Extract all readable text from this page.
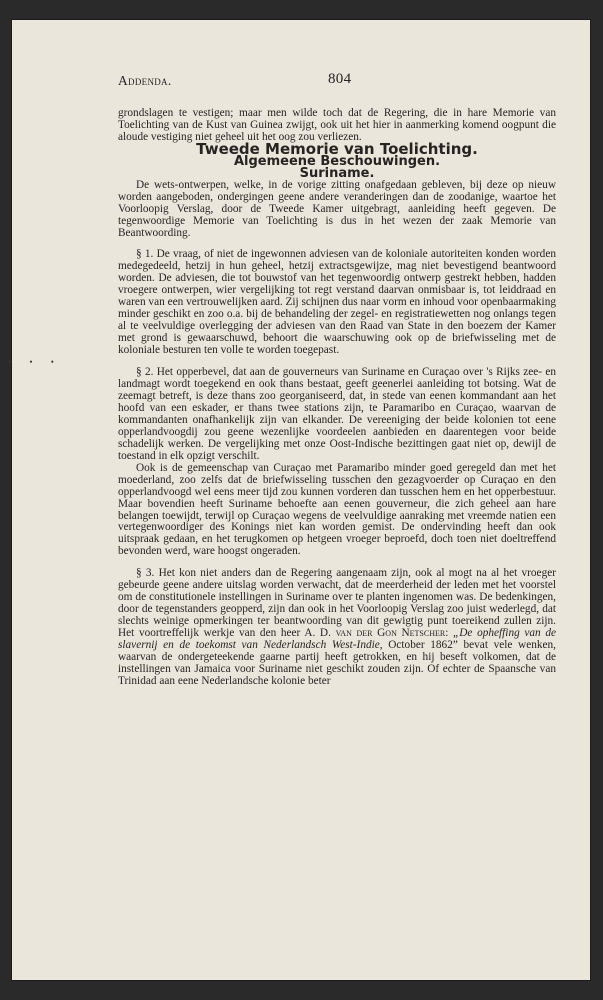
• • •
Addenda.	804

grondslagen te vestigen; maar men wilde toch dat de Regering, die in hare Memorie van Toelichting van de Kust van Guinea zwijgt, ook uit het hier in aanmerking komend oogpunt die aloude vestiging niet geheel uit het oog zou verliezen.

Tweede Memorie van Toelichting.

Algemeene Beschouwingen.

Suriname.

De wets-ontwerpen, welke, in de vorige zitting onafgedaan gebleven, bij deze op nieuw worden aangeboden, ondergingen geene andere veranderingen dan de zoodanige, waartoe het Voorloopig Verslag, door de Tweede Kamer uitgebragt, aanleiding heeft gegeven. De tegenwoordige Memorie van Toelichting is dus in het wezen der zaak Memorie van Beantwoording.

§ 1. De vraag, of niet de ingewonnen adviesen van de koloniale autoriteiten konden worden medegedeeld, hetzij in hun geheel, hetzij extractsgewijze, mag niet bevestigend beantwoord worden. De adviesen, die tot bouwstof van het tegenwoordig ontwerp gestrekt hebben, hadden vroegere ontwerpen, wier vergelijking tot regt verstand daarvan onmisbaar is, tot leiddraad en waren van een vertrouwelijken aard. Zij schijnen dus naar vorm en inhoud voor openbaarmaking minder geschikt en zoo o.a. bij de behandeling der zegel- en registratiewetten nog onlangs tegen al te veelvuldige overlegging der adviesen van den Raad van State in den boezem der Kamer met grond is gewaarschuwd, behoort die waarschuwing ook op de briefwisseling met de koloniale besturen ten volle te worden toegepast.

§ 2. Het opperbevel, dat aan de gouverneurs van Suriname en Curaçao over 's Rijks zee- en landmagt wordt toegekend en ook thans bestaat, geeft geenerlei aanleiding tot botsing. Wat de zeemagt betreft, is deze thans zoo georganiseerd, dat, in stede van eenen kommandant aan het hoofd van een eskader, er thans twee stations zijn, te Paramaribo en Curaçao, waarvan de kommandanten onafhankelijk zijn van elkander. De vereeniging der beide kolonien tot eene opperlandvoogdij zou geene wezenlijke voordeelen aanbieden en daarentegen voor beide schadelijk werken. De vergelijking met onze Oost-Indische bezittingen gaat niet op, dewijl de toestand in elk opzigt verschilt.

Ook is de gemeenschap van Curaçao met Paramaribo minder goed geregeld dan met het moederland, zoo zelfs dat de briefwisseling tusschen den gezagvoerder op Curaçao en den opperlandvoogd wel eens meer tijd zou kunnen vorderen dan tusschen hem en het opperbestuur. Maar bovendien heeft Suriname behoefte aan eenen gouverneur, die zich geheel aan hare belangen toewijdt, terwijl op Curaçao wegens de veelvuldige aanraking met vreemde natien een vertegenwoordiger des Konings niet kan worden gemist. De ondervinding heeft dan ook uitspraak gedaan, en het terugkomen op hetgeen vroeger beproefd, doch toen niet doeltreffend bevonden werd, ware hoogst ongeraden.

§ 3. Het kon niet anders dan de Regering aangenaam zijn, ook al mogt na al het vroeger gebeurde geene andere uitslag worden verwacht, dat de meerderheid der leden met het voorstel om de constitutionele instellingen in Suriname over te planten ingenomen was. De bedenkingen, door de tegenstanders geopperd, zijn dan ook in het Voorloopig Verslag zoo juist wederlegd, dat slechts weinige opmerkingen ter beantwoording van dit gewigtig punt toereikend zullen zijn. Het voortreffelijk werkje van den heer A. D. van der Gon Netscher: „De opheffing van de slavernij en de toekomst van Nederlandsch West-Indie, October 1862” bevat vele wenken, waarvan de ondergeteekende gaarne partij heeft getrokken, en hij beseft volkomen, dat de instellingen van Jamaica voor Suriname niet geschikt zouden zijn. Of echter de Spaansche van Trinidad aan eene Nederlandsche kolonie beter
